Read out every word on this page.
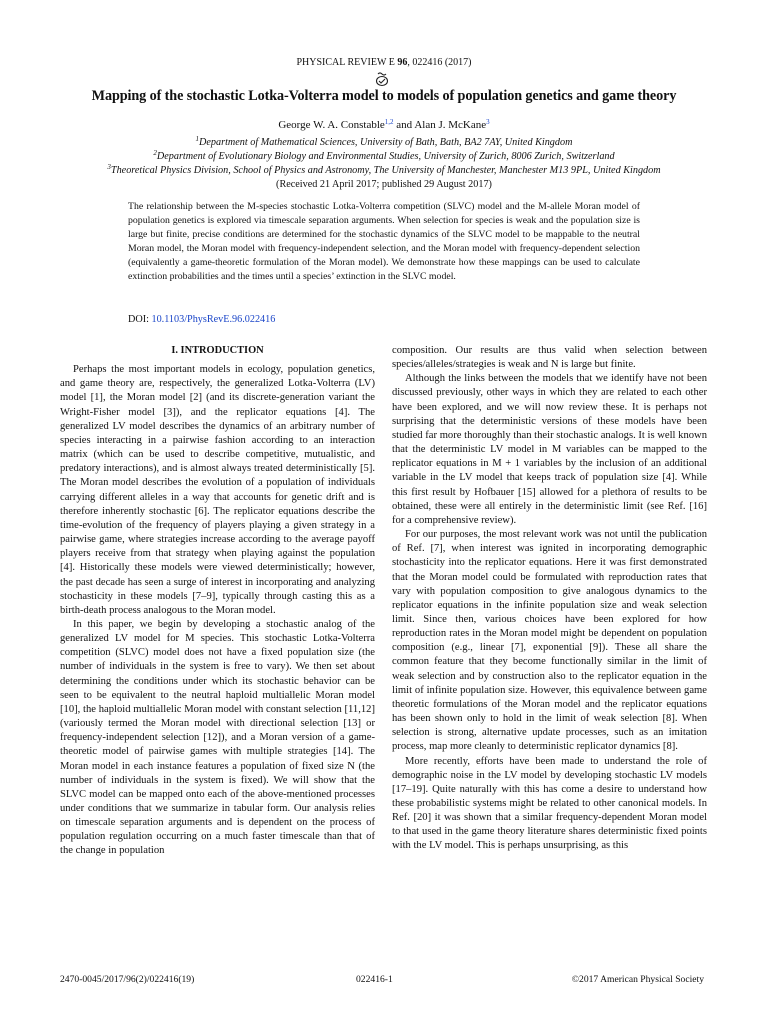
PHYSICAL REVIEW E 96, 022416 (2017)
Mapping of the stochastic Lotka-Volterra model to models of population genetics and game theory
George W. A. Constable$^{1,2}$ and Alan J. McKane$^3$
$^1$Department of Mathematical Sciences, University of Bath, Bath, BA2 7AY, United Kingdom
$^2$Department of Evolutionary Biology and Environmental Studies, University of Zurich, 8006 Zurich, Switzerland
$^3$Theoretical Physics Division, School of Physics and Astronomy, The University of Manchester, Manchester M13 9PL, United Kingdom
(Received 21 April 2017; published 29 August 2017)

The relationship between the M-species stochastic Lotka-Volterra competition (SLVC) model and the M-allele Moran model of population genetics is explored via timescale separation arguments. When selection for species is weak and the population size is large but finite, precise conditions are determined for the stochastic dynamics of the SLVC model to be mappable to the neutral Moran model, the Moran model with frequency-independent selection, and the Moran model with frequency-dependent selection (equivalently a game-theoretic formulation of the Moran model). We demonstrate how these mappings can be used to calculate extinction probabilities and the times until a species’ extinction in the SLVC model.

DOI: 10.1103/PhysRevE.96.022416
I. INTRODUCTION

Perhaps the most important models in ecology, population genetics, and game theory are, respectively, the generalized Lotka-Volterra (LV) model [1], the Moran model [2] (and its discrete-generation variant the Wright-Fisher model [3]), and the replicator equations [4]. The generalized LV model describes the dynamics of an arbitrary number of species interacting in a pairwise fashion according to an interaction matrix (which can be used to describe competitive, mutualistic, and predatory interactions), and is almost always treated deterministically [5]. The Moran model describes the evolution of a population of individuals carrying different alleles in a way that accounts for genetic drift and is therefore inherently stochastic [6]. The replicator equations describe the time-evolution of the frequency of players playing a given strategy in a pairwise game, where strategies increase according to the average payoff players receive from that strategy when playing against the population [4]. Historically these models were viewed deterministically; however, the past decade has seen a surge of interest in incorporating and analyzing stochasticity in these models [7–9], typically through casting this as a birth-death process analogous to the Moran model.

In this paper, we begin by developing a stochastic analog of the generalized LV model for M species. This stochastic Lotka-Volterra competition (SLVC) model does not have a fixed population size (the number of individuals in the system is free to vary). We then set about determining the conditions under which its stochastic behavior can be seen to be equivalent to the neutral haploid multiallelic Moran model [10], the haploid multiallelic Moran model with constant selection [11,12] (variously termed the Moran model with directional selection [13] or frequency-independent selection [12]), and a Moran version of a game-theoretic model of pairwise games with multiple strategies [14]. The Moran model in each instance features a population of fixed size N (the number of individuals in the system is fixed). We will show that the SLVC model can be mapped onto each of the above-mentioned processes under conditions that we summarize in tabular form. Our analysis relies on timescale separation arguments and is dependent on the process of population regulation occurring on a much faster timescale than that of the change in population

composition. Our results are thus valid when selection between species/alleles/strategies is weak and N is large but finite.

Although the links between the models that we identify have not been discussed previously, other ways in which they are related to each other have been explored, and we will now review these. It is perhaps not surprising that the deterministic versions of these models have been studied far more thoroughly than their stochastic analogs. It is well known that the deterministic LV model in M variables can be mapped to the replicator equations in M + 1 variables by the inclusion of an additional variable in the LV model that keeps track of population size [4]. While this first result by Hofbauer [15] allowed for a plethora of results to be obtained, these were all entirely in the deterministic limit (see Ref. [16] for a comprehensive review).

For our purposes, the most relevant work was not until the publication of Ref. [7], when interest was ignited in incorporating demographic stochasticity into the replicator equations. Here it was first demonstrated that the Moran model could be formulated with reproduction rates that vary with population composition to give analogous dynamics to the replicator equations in the infinite population size and weak selection limit. Since then, various choices have been explored for how reproduction rates in the Moran model might be dependent on population composition (e.g., linear [7], exponential [9]). These all share the common feature that they become functionally similar in the limit of weak selection and by construction also to the replicator equation in the limit of infinite population size. However, this equivalence between game theoretic formulations of the Moran model and the replicator equations has been shown only to hold in the limit of weak selection [8]. When selection is strong, alternative update processes, such as an imitation process, map more cleanly to deterministic replicator dynamics [8].

More recently, efforts have been made to understand the role of demographic noise in the LV model by developing stochastic LV models [17–19]. Quite naturally with this has come a desire to understand how these probabilistic systems might be related to other canonical models. In Ref. [20] it was shown that a similar frequency-dependent Moran model to that used in the game theory literature shares deterministic fixed points with the LV model. This is perhaps unsurprising, as this

2470-0045/2017/96(2)/022416(19)	022416-1	©2017 American Physical Society
